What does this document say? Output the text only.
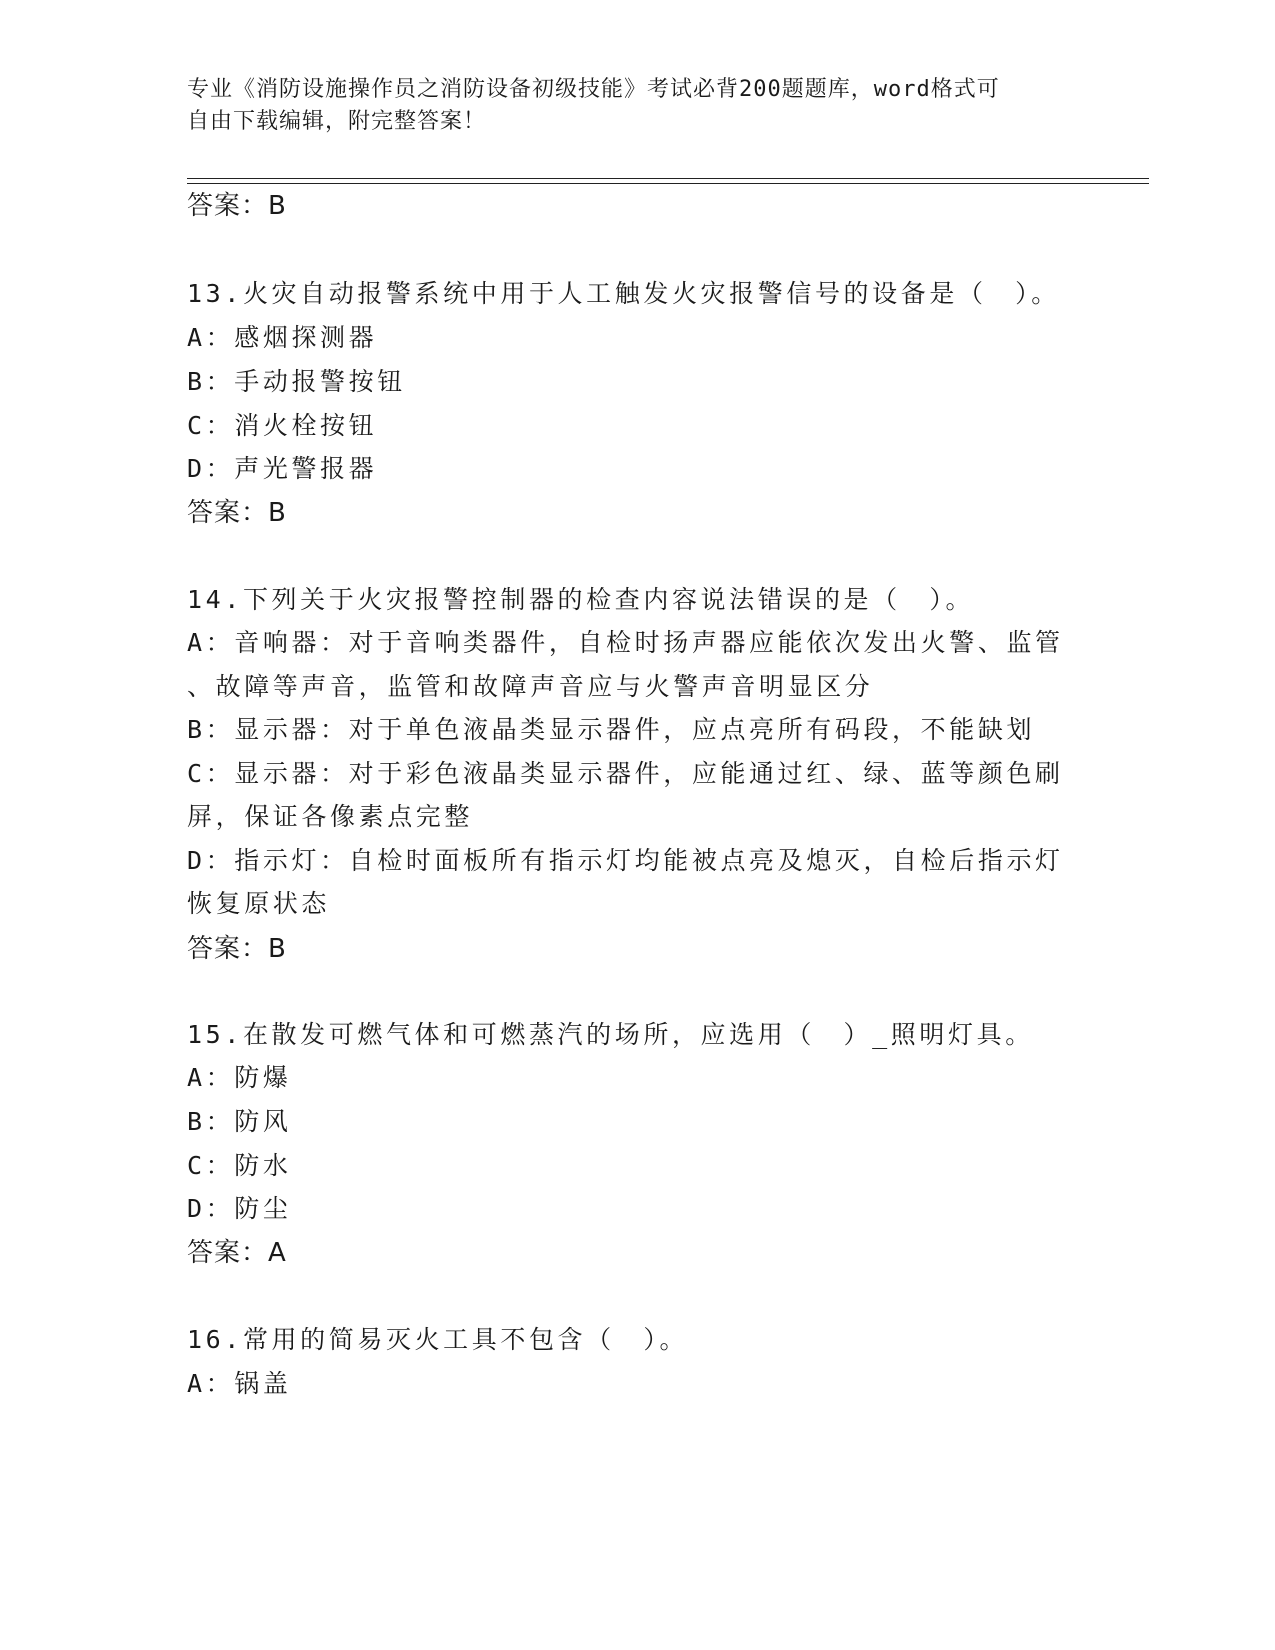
专业《消防设施操作员之消防设备初级技能》考试必背200题题库，word格式可
自由下载编辑，附完整答案！
答案：B
13.火灾自动报警系统中用于人工触发火灾报警信号的设备是（　）。
A：感烟探测器
B：手动报警按钮
C：消火栓按钮
D：声光警报器
答案：B
14.下列关于火灾报警控制器的检查内容说法错误的是（　）。
A：音响器：对于音响类器件，自检时扬声器应能依次发出火警、监管
、故障等声音，监管和故障声音应与火警声音明显区分
B：显示器：对于单色液晶类显示器件，应点亮所有码段，不能缺划
C：显示器：对于彩色液晶类显示器件，应能通过红、绿、蓝等颜色刷
屏，保证各像素点完整
D：指示灯：自检时面板所有指示灯均能被点亮及熄灭，自检后指示灯
恢复原状态
答案：B
15.在散发可燃气体和可燃蒸汽的场所，应选用（　）_照明灯具。
A：防爆
B：防风
C：防水
D：防尘
答案：A
16.常用的简易灭火工具不包含（　）。
A：锅盖
